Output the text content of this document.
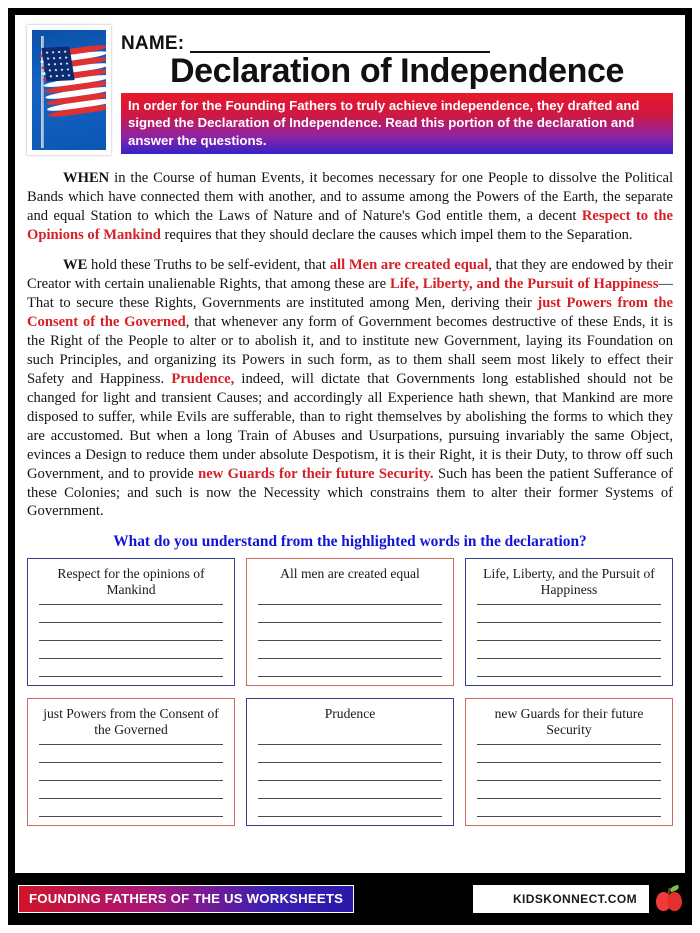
NAME:
Declaration of Independence
In order for the Founding Fathers to truly achieve independence, they drafted and signed the Declaration of Independence. Read this portion of the declaration and answer the questions.

WHEN in the Course of human Events, it becomes necessary for one People to dissolve the Political Bands which have connected them with another, and to assume among the Powers of the Earth, the separate and equal Station to which the Laws of Nature and of Nature's God entitle them, a decent Respect to the Opinions of Mankind requires that they should declare the causes which impel them to the Separation.

WE hold these Truths to be self-evident, that all Men are created equal, that they are endowed by their Creator with certain unalienable Rights, that among these are Life, Liberty, and the Pursuit of Happiness—That to secure these Rights, Governments are instituted among Men, deriving their just Powers from the Consent of the Governed, that whenever any form of Government becomes destructive of these Ends, it is the Right of the People to alter or to abolish it, and to institute new Government, laying its Foundation on such Principles, and organizing its Powers in such form, as to them shall seem most likely to effect their Safety and Happiness. Prudence, indeed, will dictate that Governments long established should not be changed for light and transient Causes; and accordingly all Experience hath shewn, that Mankind are more disposed to suffer, while Evils are sufferable, than to right themselves by abolishing the forms to which they are accustomed. But when a long Train of Abuses and Usurpations, pursuing invariably the same Object, evinces a Design to reduce them under absolute Despotism, it is their Right, it is their Duty, to throw off such Government, and to provide new Guards for their future Security. Such has been the patient Sufferance of these Colonies; and such is now the Necessity which constrains them to alter their former Systems of Government.

What do you understand from the highlighted words in the declaration?
Respect for the opinions of Mankind
All men are created equal	Life, Liberty, and the Pursuit of Happiness
just Powers from the Consent of the Governed
Prudence	new Guards for their future Security
FOUNDING FATHERS OF THE US WORKSHEETS	KIDSKONNECT.COM
